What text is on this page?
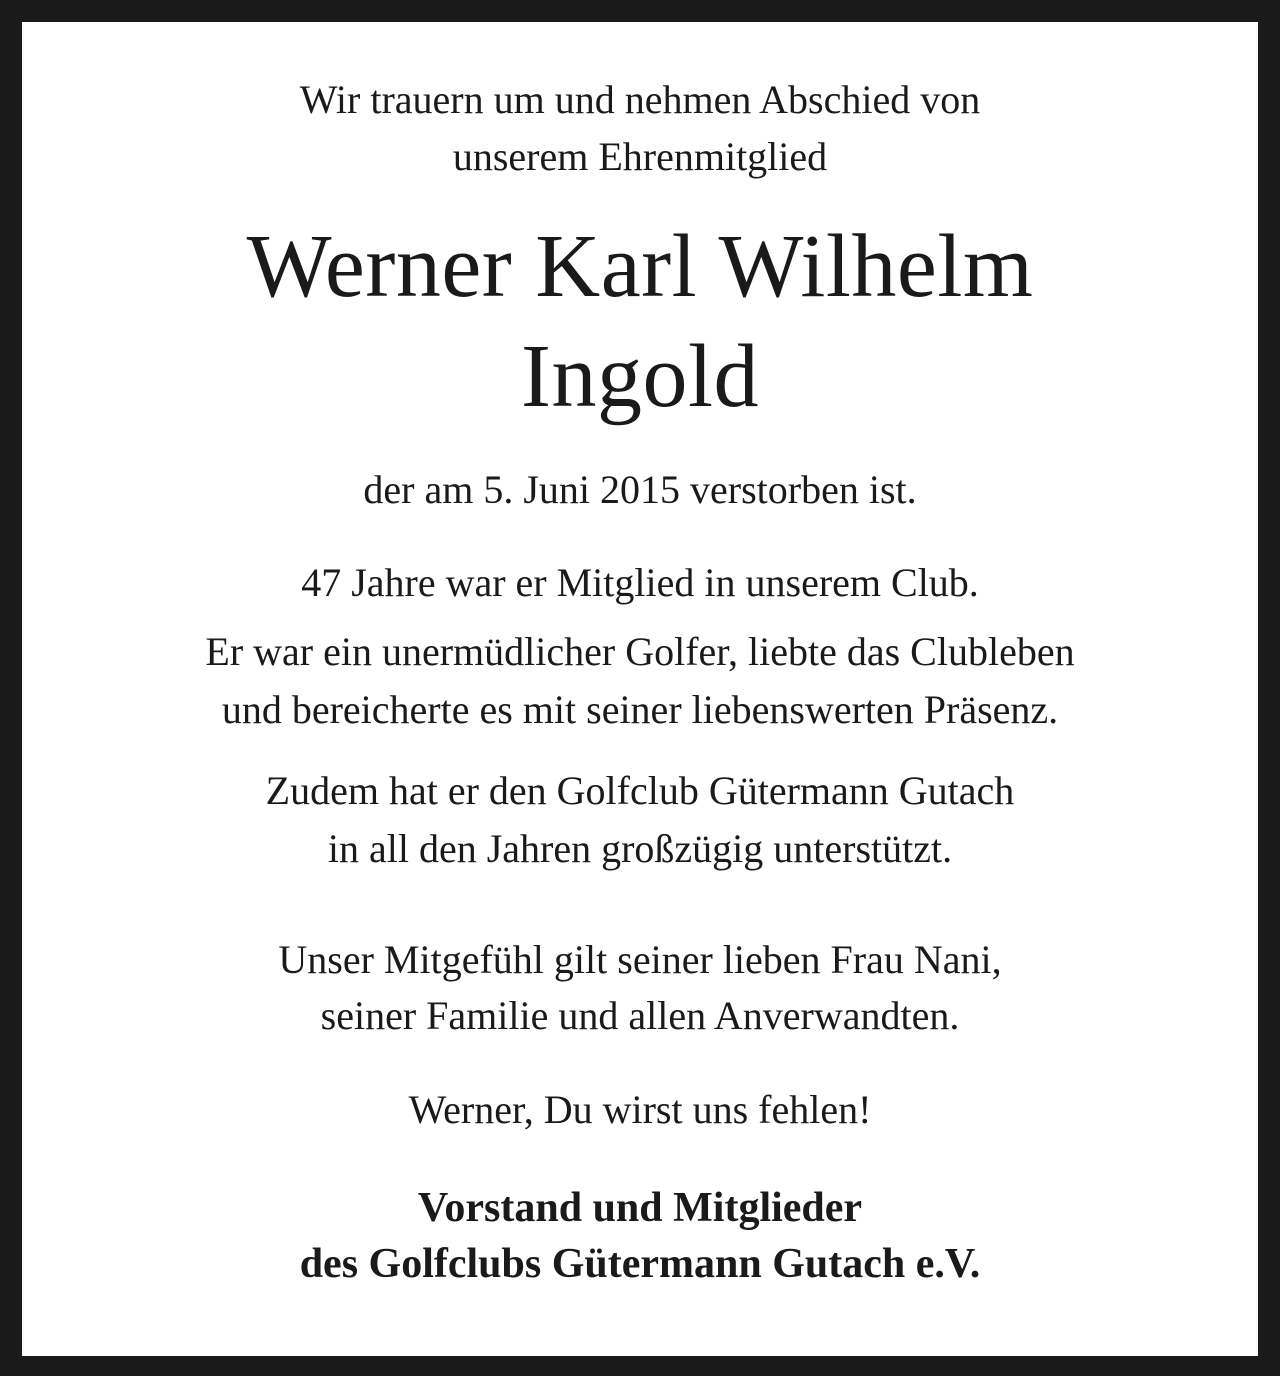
Wir trauern um und nehmen Abschied von
unserem Ehrenmitglied
Werner Karl Wilhelm
Ingold
der am 5. Juni 2015 verstorben ist.
47 Jahre war er Mitglied in unserem Club.
Er war ein unermüdlicher Golfer, liebte das Clubleben
und bereicherte es mit seiner liebenswerten Präsenz.
Zudem hat er den Golfclub Gütermann Gutach
in all den Jahren großzügig unterstützt.
Unser Mitgefühl gilt seiner lieben Frau Nani,
seiner Familie und allen Anverwandten.
Werner, Du wirst uns fehlen!
Vorstand und Mitglieder
des Golfclubs Gütermann Gutach e.V.
